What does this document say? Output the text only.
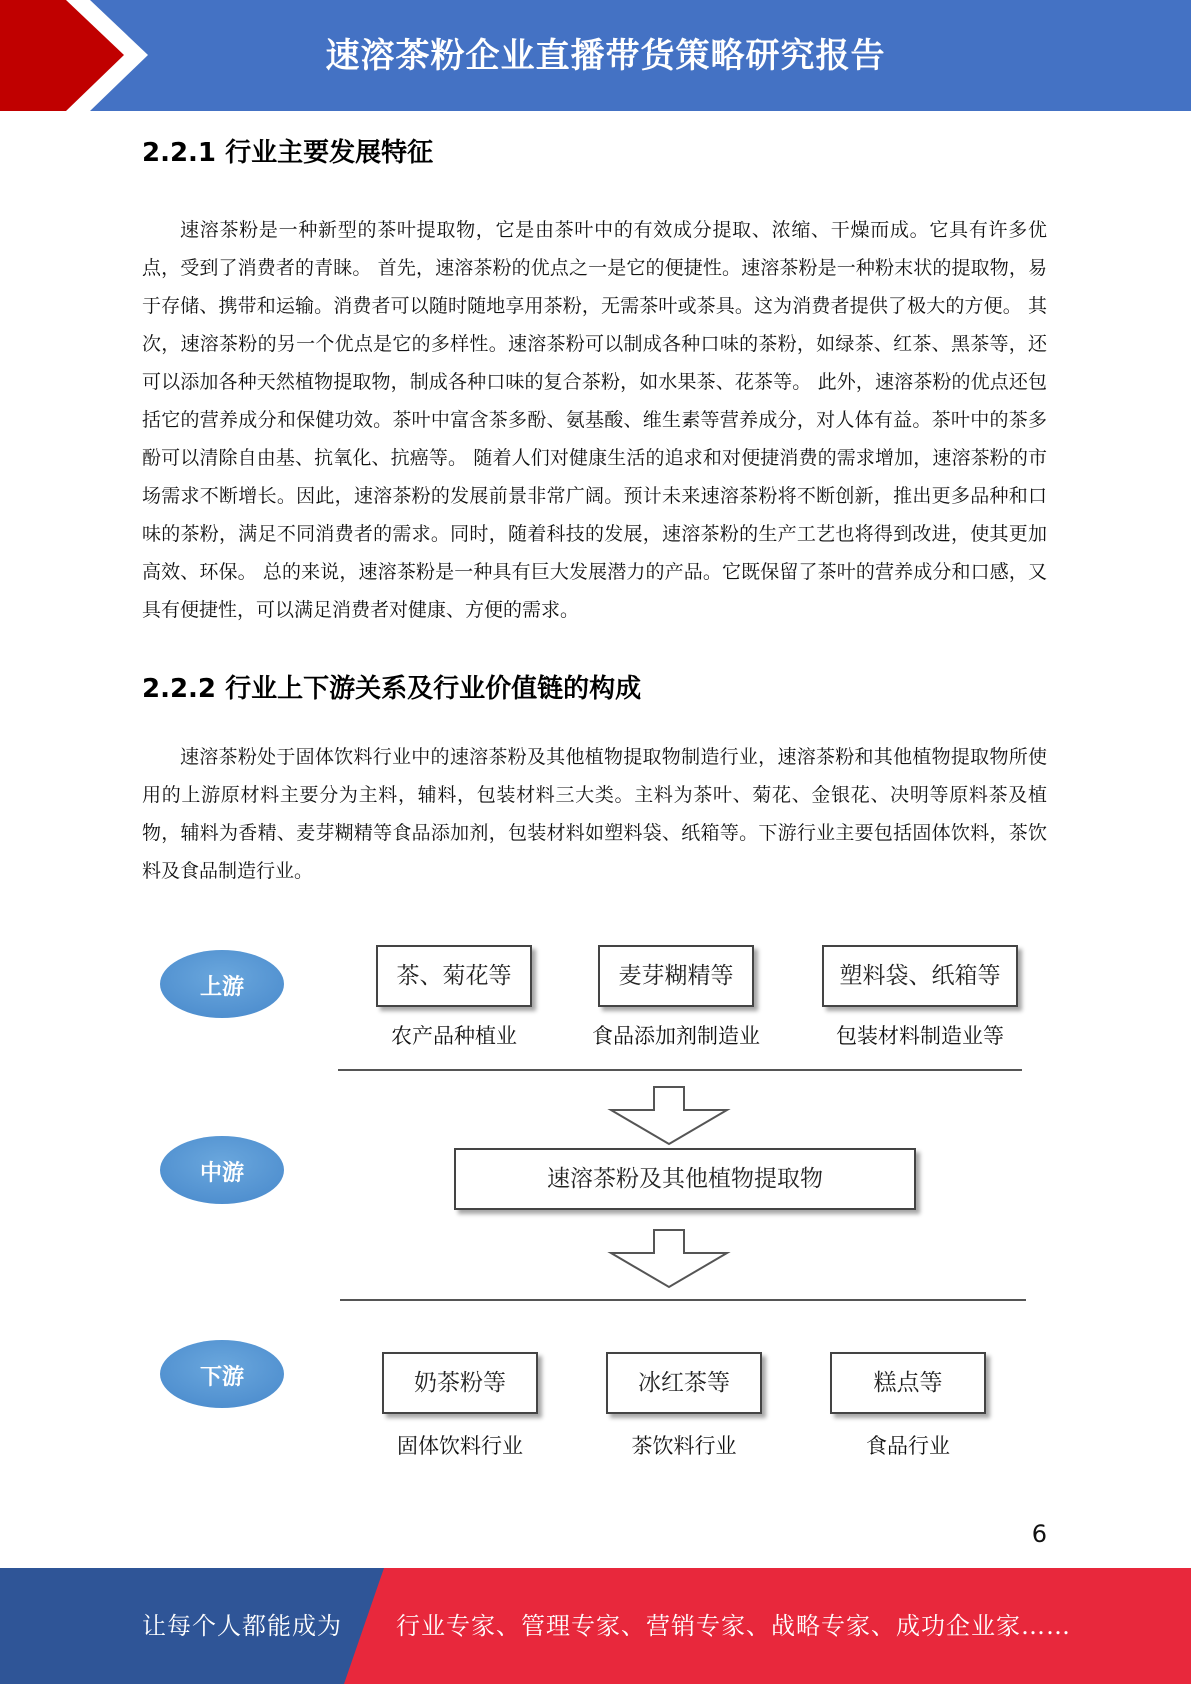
速溶茶粉企业直播带货策略研究报告
2.2.1 行业主要发展特征

速溶茶粉是一种新型的茶叶提取物，它是由茶叶中的有效成分提取、浓缩、干燥而成。它具有许多优点，受到了消费者的青睐。 首先，速溶茶粉的优点之一是它的便捷性。速溶茶粉是一种粉末状的提取物，易于存储、携带和运输。消费者可以随时随地享用茶粉，无需茶叶或茶具。这为消费者提供了极大的方便。 其次，速溶茶粉的另一个优点是它的多样性。速溶茶粉可以制成各种口味的茶粉，如绿茶、红茶、黑茶等，还可以添加各种天然植物提取物，制成各种口味的复合茶粉，如水果茶、花茶等。 此外，速溶茶粉的优点还包括它的营养成分和保健功效。茶叶中富含茶多酚、氨基酸、维生素等营养成分，对人体有益。茶叶中的茶多酚可以清除自由基、抗氧化、抗癌等。 随着人们对健康生活的追求和对便捷消费的需求增加，速溶茶粉的市场需求不断增长。因此，速溶茶粉的发展前景非常广阔。预计未来速溶茶粉将不断创新，推出更多品种和口味的茶粉，满足不同消费者的需求。同时，随着科技的发展，速溶茶粉的生产工艺也将得到改进，使其更加高效、环保。 总的来说，速溶茶粉是一种具有巨大发展潜力的产品。它既保留了茶叶的营养成分和口感，又具有便捷性，可以满足消费者对健康、方便的需求。

2.2.2 行业上下游关系及行业价值链的构成

速溶茶粉处于固体饮料行业中的速溶茶粉及其他植物提取物制造行业，速溶茶粉和其他植物提取物所使用的上游原材料主要分为主料，辅料，包装材料三大类。主料为茶叶、菊花、金银花、决明等原料茶及植物，辅料为香精、麦芽糊精等食品添加剂，包装材料如塑料袋、纸箱等。下游行业主要包括固体饮料，茶饮料及食品制造行业。

上游
中游
下游
茶、菊花等	麦芽糊精等	塑料袋、纸箱等
农产品种植业	食品添加剂制造业	包装材料制造业等
速溶茶粉及其他植物提取物
奶茶粉等	冰红茶等	糕点等
固体饮料行业	茶饮料行业	食品行业
6
让每个人都能成为 行业专家、管理专家、营销专家、战略专家、成功企业家……
